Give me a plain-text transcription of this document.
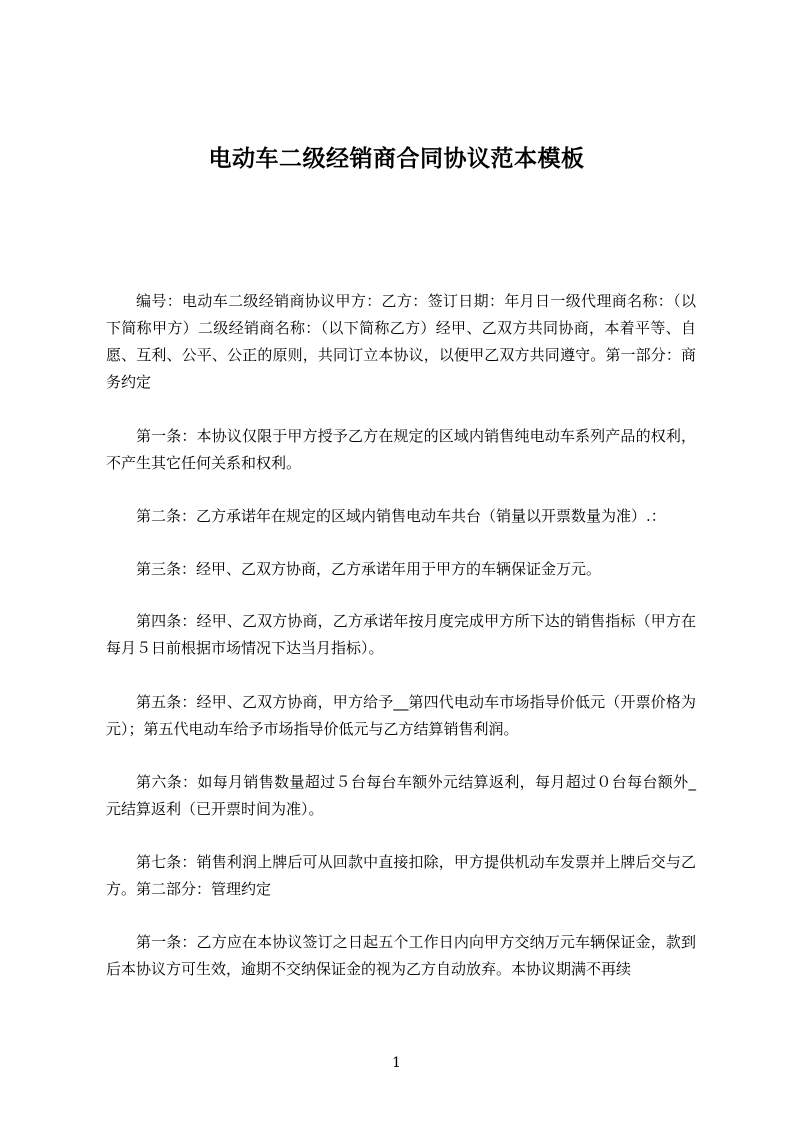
电动车二级经销商合同协议范本模板
编号：电动车二级经销商协议甲方：乙方：签订日期：年月日一级代理商名称：（以下简称甲方）二级经销商名称：（以下简称乙方）经甲、乙双方共同协商，本着平等、自愿、互利、公平、公正的原则，共同订立本协议，以便甲乙双方共同遵守。第一部分：商务约定
第一条：本协议仅限于甲方授予乙方在规定的区域内销售纯电动车系列产品的权利，不产生其它任何关系和权利。
第二条：乙方承诺年在规定的区域内销售电动车共台（销量以开票数量为准）.：
第三条：经甲、乙双方协商，乙方承诺年用于甲方的车辆保证金万元。
第四条：经甲、乙双方协商，乙方承诺年按月度完成甲方所下达的销售指标（甲方在每月５日前根据市场情况下达当月指标）。
第五条：经甲、乙双方协商，甲方给予__第四代电动车市场指导价低元（开票价格为元）；第五代电动车给予市场指导价低元与乙方结算销售利润。
第六条：如每月销售数量超过５台每台车额外元结算返利，每月超过０台每台额外_元结算返利（已开票时间为准）。
第七条：销售利润上牌后可从回款中直接扣除，甲方提供机动车发票并上牌后交与乙方。第二部分：管理约定
第一条：乙方应在本协议签订之日起五个工作日内向甲方交纳万元车辆保证金，款到后本协议方可生效，逾期不交纳保证金的视为乙方自动放弃。本协议期满不再续
1
